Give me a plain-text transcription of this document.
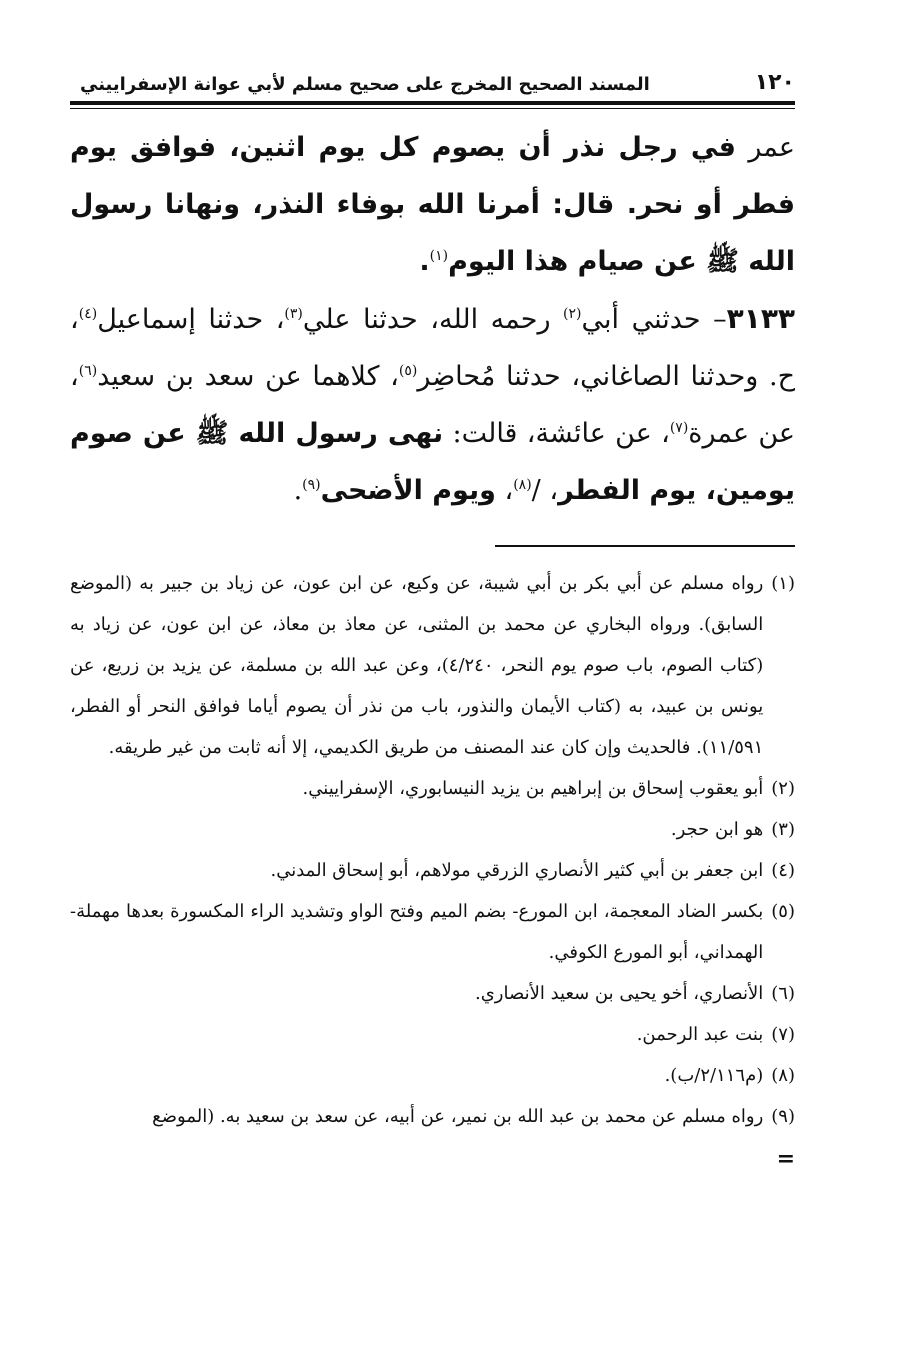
١٢٠
المسند الصحيح المخرج على صحيح مسلم لأبي عوانة الإسفراييني

عمر في رجل نذر أن يصوم كل يوم اثنين، فوافق يوم فطر أو نحر. قال: أمرنا الله بوفاء النذر، ونهانا رسول الله ﷺ عن صيام هذا اليوم$^{(١)}$.

٣١٣٣– حدثني أبي$^{(٢)}$ رحمه الله، حدثنا علي$^{(٣)}$، حدثنا إسماعيل$^{(٤)}$، ح. وحدثنا الصاغاني، حدثنا مُحاضِر$^{(٥)}$، كلاهما عن سعد بن سعيد$^{(٦)}$، عن عمرة$^{(٧)}$، عن عائشة، قالت: نهى رسول الله ﷺ عن صوم يومين، يوم الفطر، /$^{(٨)}$، ويوم الأضحى$^{(٩)}$.

(١)
رواه مسلم عن أبي بكر بن أبي شيبة، عن وكيع، عن ابن عون، عن زياد بن جبير به (الموضع السابق). ورواه البخاري عن محمد بن المثنى، عن معاذ بن معاذ، عن ابن عون، عن زياد به (كتاب الصوم، باب صوم يوم النحر، ٤/٢٤٠)، وعن عبد الله بن مسلمة، عن يزيد بن زريع، عن يونس بن عبيد، به (كتاب الأيمان والنذور، باب من نذر أن يصوم أياما فوافق النحر أو الفطر، ١١/٥٩١). فالحديث وإن كان عند المصنف من طريق الكديمي، إلا أنه ثابت من غير طريقه.
(٢)
أبو يعقوب إسحاق بن إبراهيم بن يزيد النيسابوري، الإسفراييني.
(٣)
هو ابن حجر.
(٤)
ابن جعفر بن أبي كثير الأنصاري الزرقي مولاهم، أبو إسحاق المدني.
(٥)
بكسر الضاد المعجمة، ابن المورع- بضم الميم وفتح الواو وتشديد الراء المكسورة بعدها مهملة- الهمداني، أبو المورع الكوفي.
(٦)
الأنصاري، أخو يحيى بن سعيد الأنصاري.
(٧)
بنت عبد الرحمن.
(٨)
(م٢/١١٦/ب).
(٩)
رواه مسلم عن محمد بن عبد الله بن نمير، عن أبيه، عن سعد بن سعيد به. (الموضع
=
